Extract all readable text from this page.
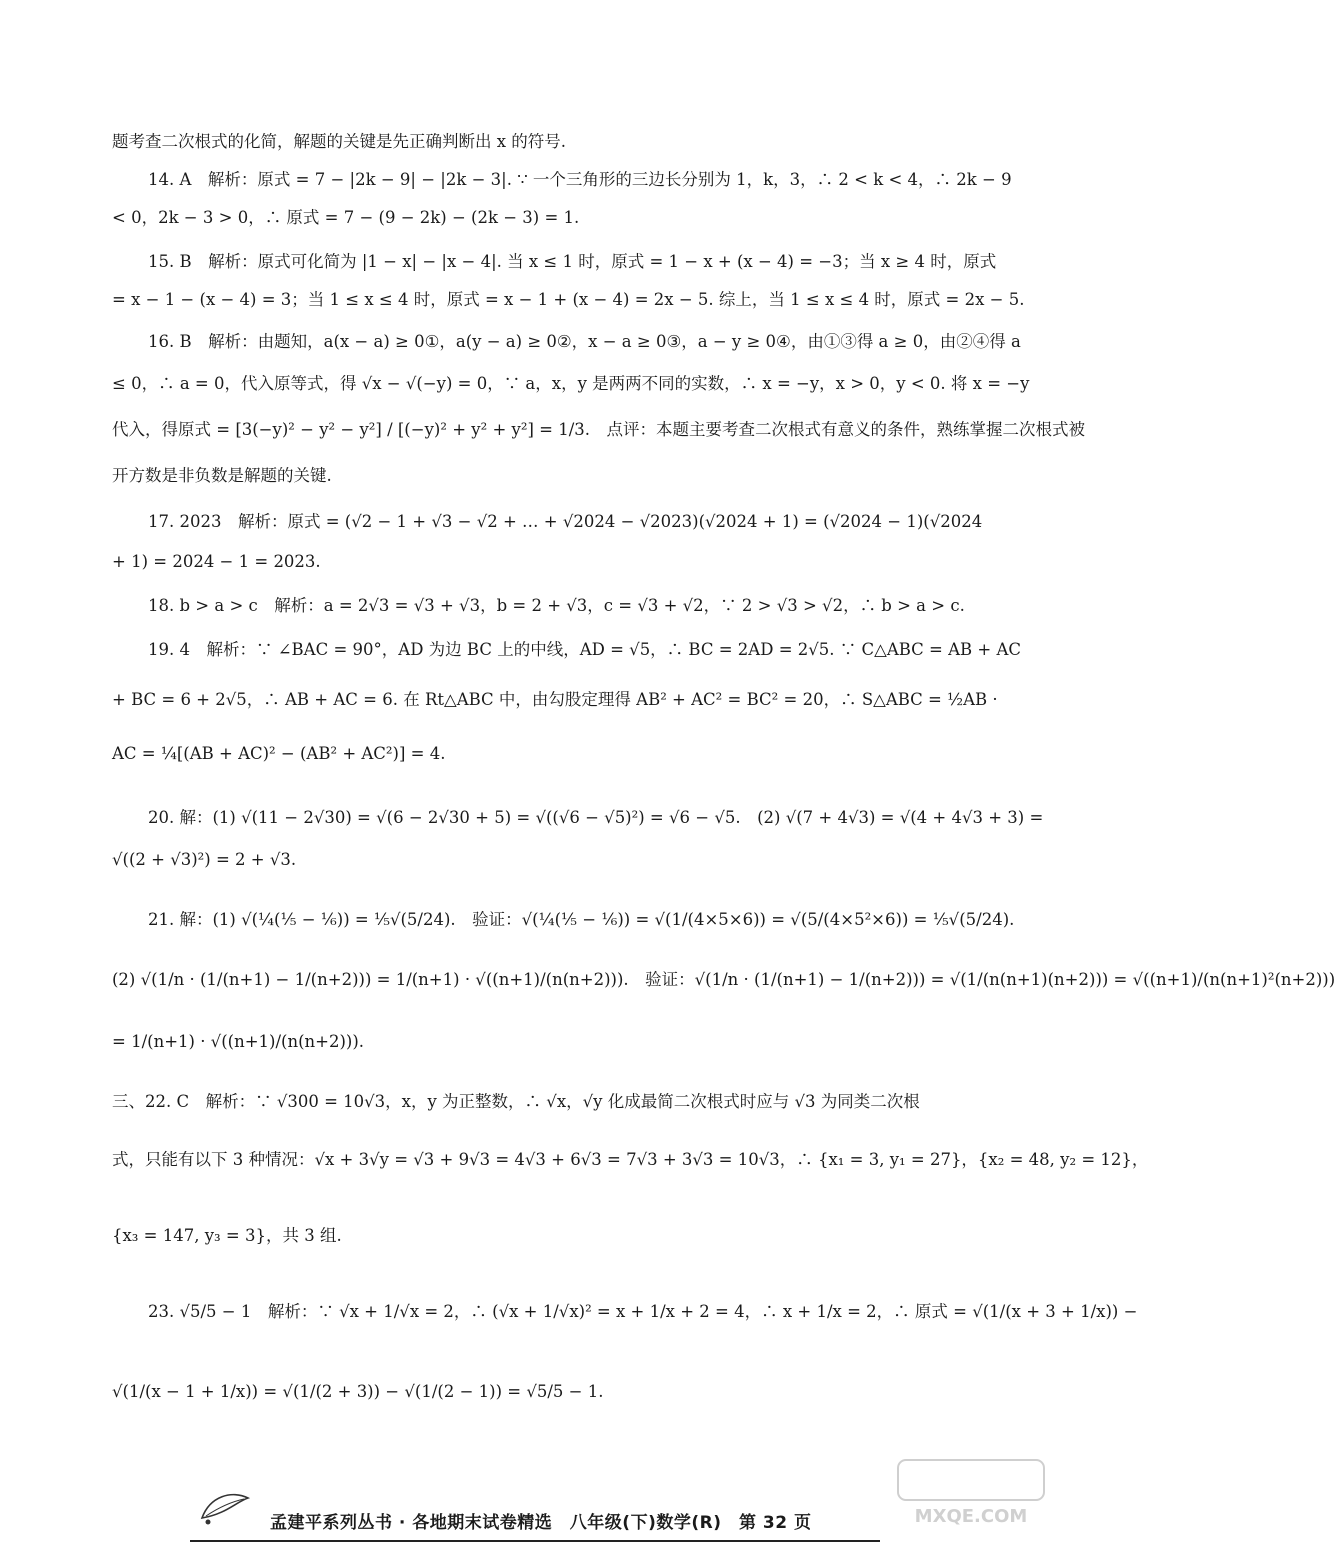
题考查二次根式的化简，解题的关键是先正确判断出 x 的符号.
14. A　解析：原式 = 7 − |2k − 9| − |2k − 3|. ∵ 一个三角形的三边长分别为 1，k，3，∴ 2 < k < 4，∴ 2k − 9
< 0，2k − 3 > 0，∴ 原式 = 7 − (9 − 2k) − (2k − 3) = 1.
15. B　解析：原式可化简为 |1 − x| − |x − 4|. 当 x ≤ 1 时，原式 = 1 − x + (x − 4) = −3；当 x ≥ 4 时，原式
= x − 1 − (x − 4) = 3；当 1 ≤ x ≤ 4 时，原式 = x − 1 + (x − 4) = 2x − 5. 综上，当 1 ≤ x ≤ 4 时，原式 = 2x − 5.
16. B　解析：由题知，a(x − a) ≥ 0①，a(y − a) ≥ 0②，x − a ≥ 0③，a − y ≥ 0④，由①③得 a ≥ 0，由②④得 a
≤ 0，∴ a = 0，代入原等式，得 √x − √(−y) = 0，∵ a，x，y 是两两不同的实数，∴ x = −y，x > 0，y < 0. 将 x = −y
代入，得原式 = [3(−y)² − y² − y²] / [(−y)² + y² + y²] = 1/3.　点评：本题主要考查二次根式有意义的条件，熟练掌握二次根式被
开方数是非负数是解题的关键.
17. 2023　解析：原式 = (√2 − 1 + √3 − √2 + … + √2024 − √2023)(√2024 + 1) = (√2024 − 1)(√2024
+ 1) = 2024 − 1 = 2023.
18. b > a > c　解析：a = 2√3 = √3 + √3，b = 2 + √3，c = √3 + √2，∵ 2 > √3 > √2，∴ b > a > c.
19. 4　解析：∵ ∠BAC = 90°，AD 为边 BC 上的中线，AD = √5，∴ BC = 2AD = 2√5. ∵ C△ABC = AB + AC
+ BC = 6 + 2√5，∴ AB + AC = 6. 在 Rt△ABC 中，由勾股定理得 AB² + AC² = BC² = 20，∴ S△ABC = ½AB ·
AC = ¼[(AB + AC)² − (AB² + AC²)] = 4.
20. 解：(1) √(11 − 2√30) = √(6 − 2√30 + 5) = √((√6 − √5)²) = √6 − √5.　(2) √(7 + 4√3) = √(4 + 4√3 + 3) =
√((2 + √3)²) = 2 + √3.
21. 解：(1) √(¼(⅕ − ⅙)) = ⅕√(5/24).　验证：√(¼(⅕ − ⅙)) = √(1/(4×5×6)) = √(5/(4×5²×6)) = ⅕√(5/24).
(2) √(1/n · (1/(n+1) − 1/(n+2))) = 1/(n+1) · √((n+1)/(n(n+2))).　验证：√(1/n · (1/(n+1) − 1/(n+2))) = √(1/(n(n+1)(n+2))) = √((n+1)/(n(n+1)²(n+2)))
= 1/(n+1) · √((n+1)/(n(n+2))).
三、22. C　解析：∵ √300 = 10√3，x，y 为正整数，∴ √x，√y 化成最简二次根式时应与 √3 为同类二次根
式，只能有以下 3 种情况：√x + 3√y = √3 + 9√3 = 4√3 + 6√3 = 7√3 + 3√3 = 10√3，∴ {x₁ = 3, y₁ = 27}，{x₂ = 48, y₂ = 12}，
{x₃ = 147, y₃ = 3}，共 3 组.
23. √5/5 − 1　解析：∵ √x + 1/√x = 2，∴ (√x + 1/√x)² = x + 1/x + 2 = 4，∴ x + 1/x = 2，∴ 原式 = √(1/(x + 3 + 1/x)) −
√(1/(x − 1 + 1/x)) = √(1/(2 + 3)) − √(1/(2 − 1)) = √5/5 − 1.
孟建平系列丛书 · 各地期末试卷精选　八年级(下)数学(R)　第 32 页	MXQE.COM
